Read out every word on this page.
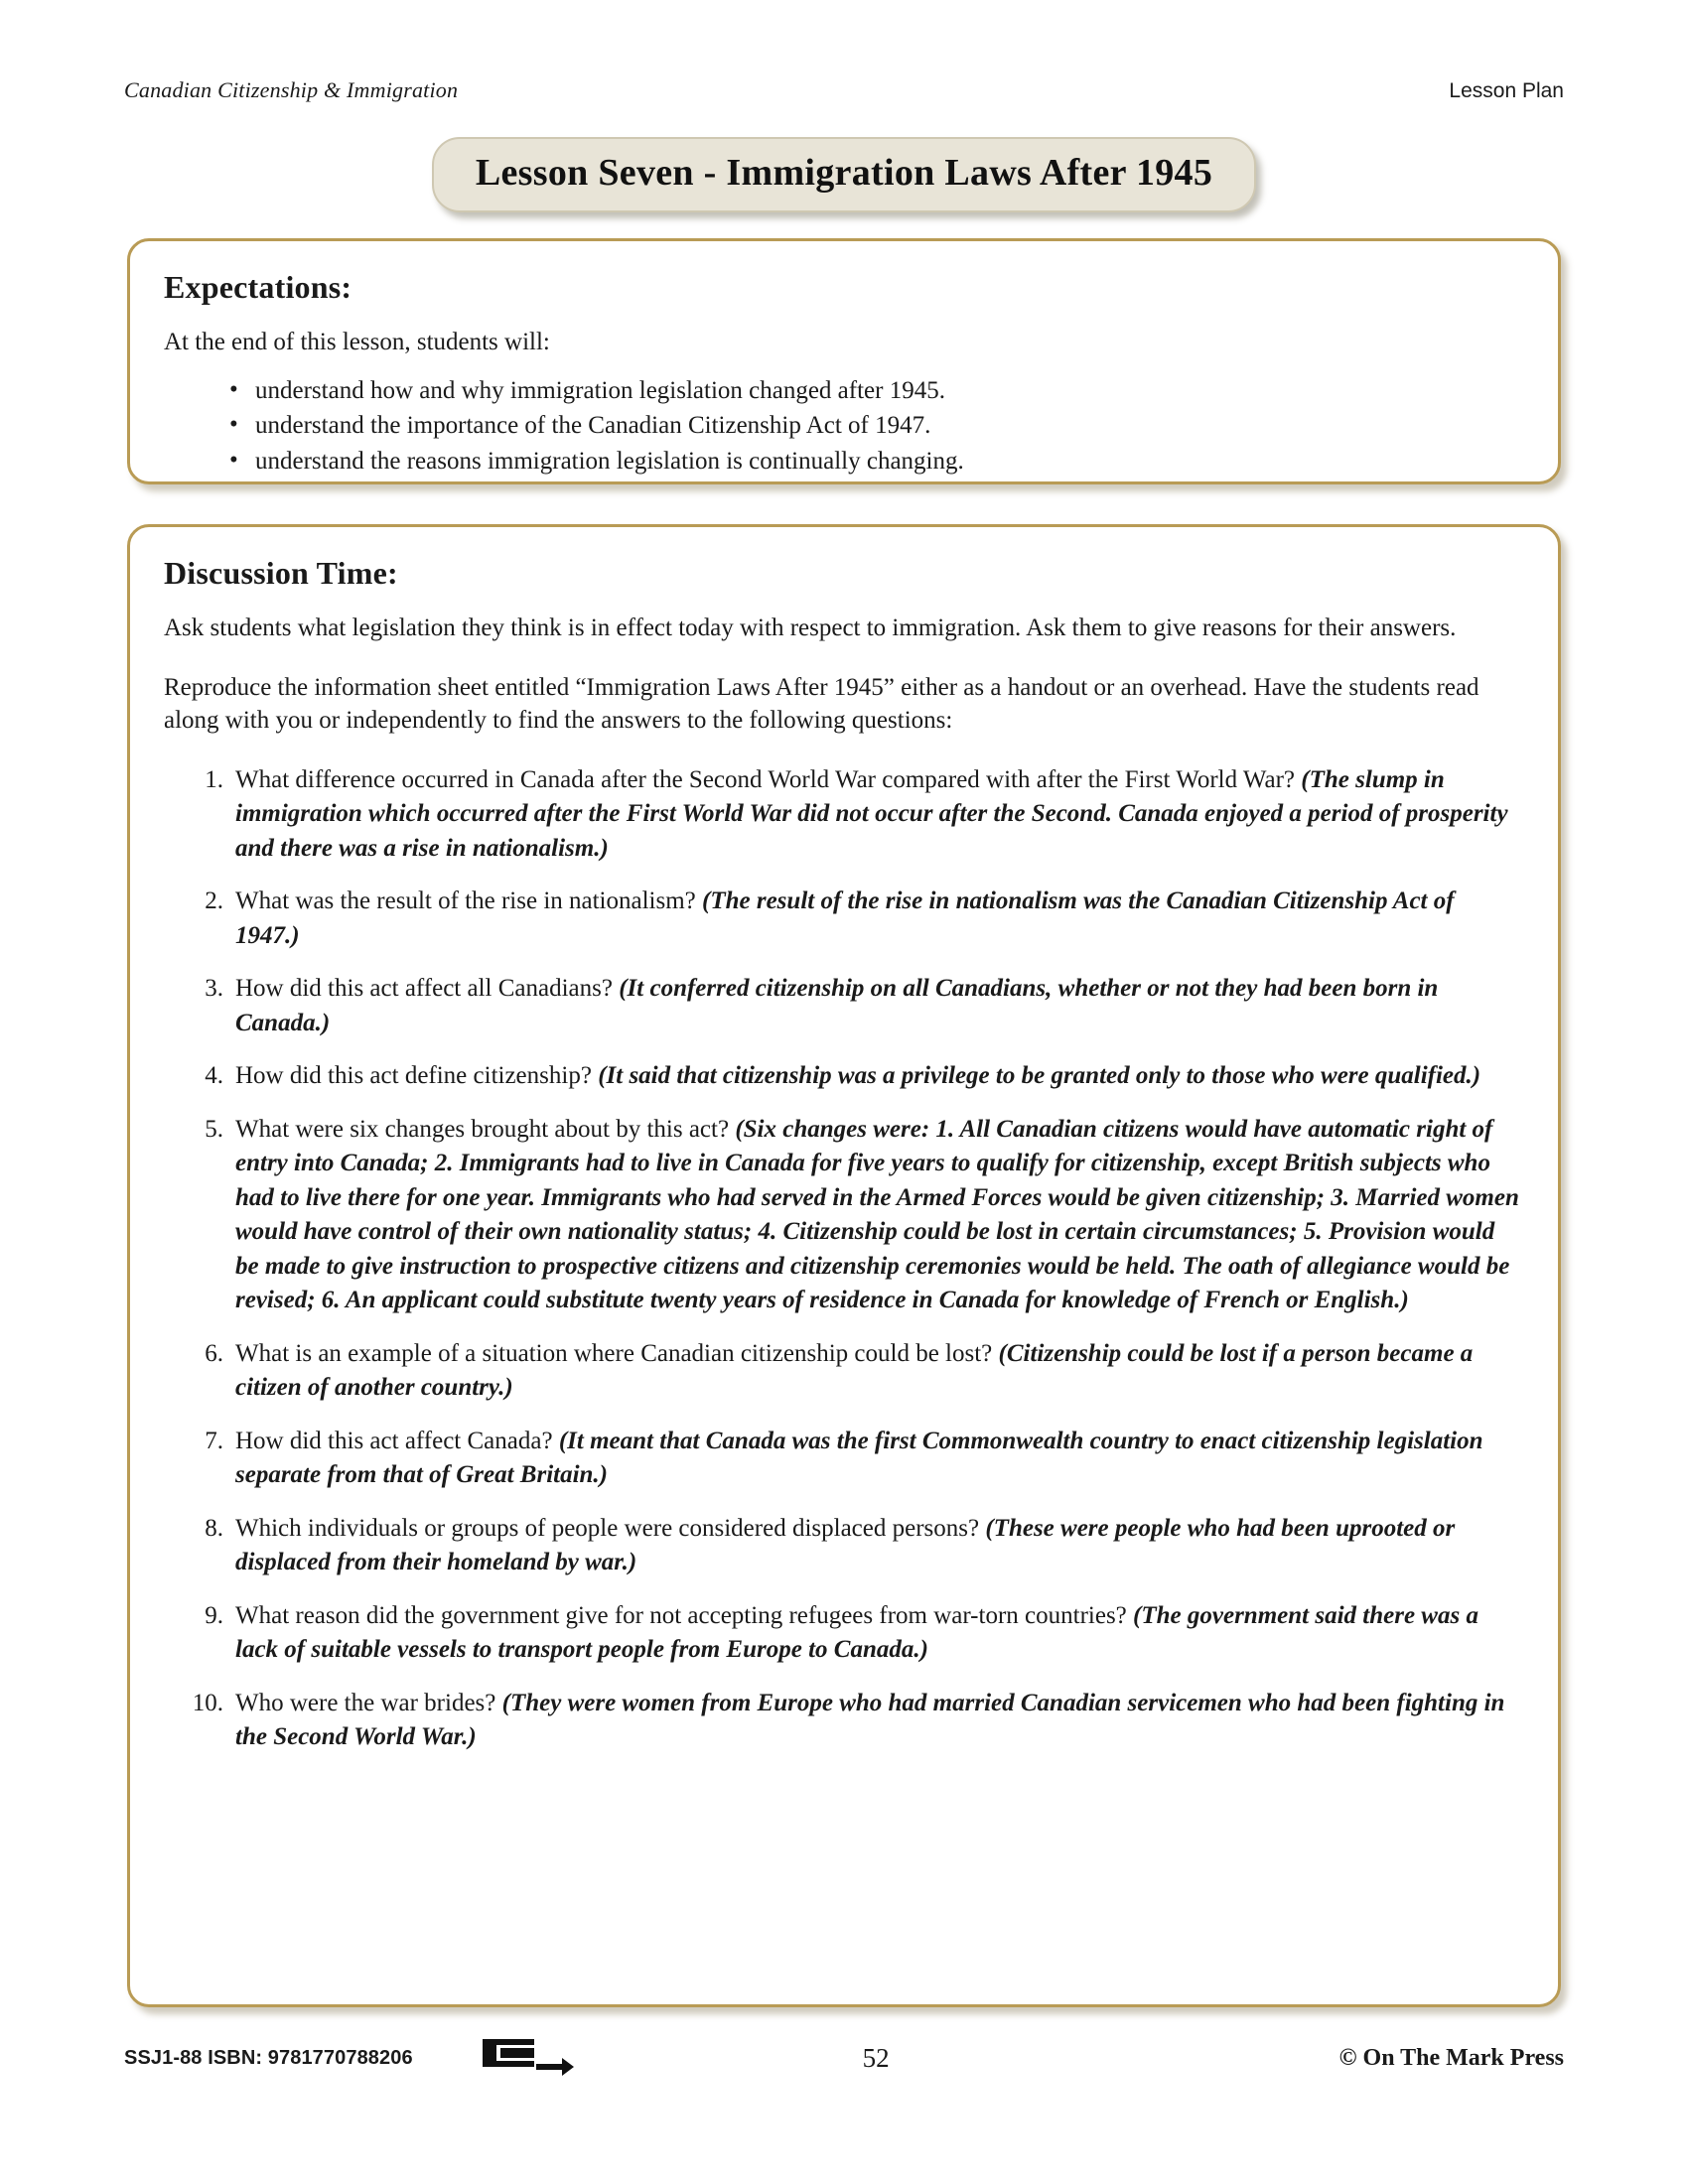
Canadian Citizenship & Immigration	Lesson Plan
Lesson Seven - Immigration Laws After 1945
Expectations:
At the end of this lesson, students will:
• understand how and why immigration legislation changed after 1945.
• understand the importance of the Canadian Citizenship Act of 1947.
• understand the reasons immigration legislation is continually changing.
Discussion Time:
Ask students what legislation they think is in effect today with respect to immigration. Ask them to give reasons for their answers.
Reproduce the information sheet entitled “Immigration Laws After 1945” either as a handout or an overhead. Have the students read along with you or independently to find the answers to the following questions:
1. What difference occurred in Canada after the Second World War compared with after the First World War? (The slump in immigration which occurred after the First World War did not occur after the Second. Canada enjoyed a period of prosperity and there was a rise in nationalism.)
2. What was the result of the rise in nationalism? (The result of the rise in nationalism was the Canadian Citizenship Act of 1947.)
3. How did this act affect all Canadians? (It conferred citizenship on all Canadians, whether or not they had been born in Canada.)
4. How did this act define citizenship? (It said that citizenship was a privilege to be granted only to those who were qualified.)
5. What were six changes brought about by this act? (Six changes were: 1. All Canadian citizens would have automatic right of entry into Canada; 2. Immigrants had to live in Canada for five years to qualify for citizenship, except British subjects who had to live there for one year. Immigrants who had served in the Armed Forces would be given citizenship; 3. Married women would have control of their own nationality status; 4. Citizenship could be lost in certain circumstances; 5. Provision would be made to give instruction to prospective citizens and citizenship ceremonies would be held. The oath of allegiance would be revised; 6. An applicant could substitute twenty years of residence in Canada for knowledge of French or English.)
6. What is an example of a situation where Canadian citizenship could be lost? (Citizenship could be lost if a person became a citizen of another country.)
7. How did this act affect Canada? (It meant that Canada was the first Commonwealth country to enact citizenship legislation separate from that of Great Britain.)
8. Which individuals or groups of people were considered displaced persons? (These were people who had been uprooted or displaced from their homeland by war.)
9. What reason did the government give for not accepting refugees from war-torn countries? (The government said there was a lack of suitable vessels to transport people from Europe to Canada.)
10. Who were the war brides? (They were women from Europe who had married Canadian servicemen who had been fighting in the Second World War.)
SSJ1-88 ISBN: 9781770788206	52	© On The Mark Press
